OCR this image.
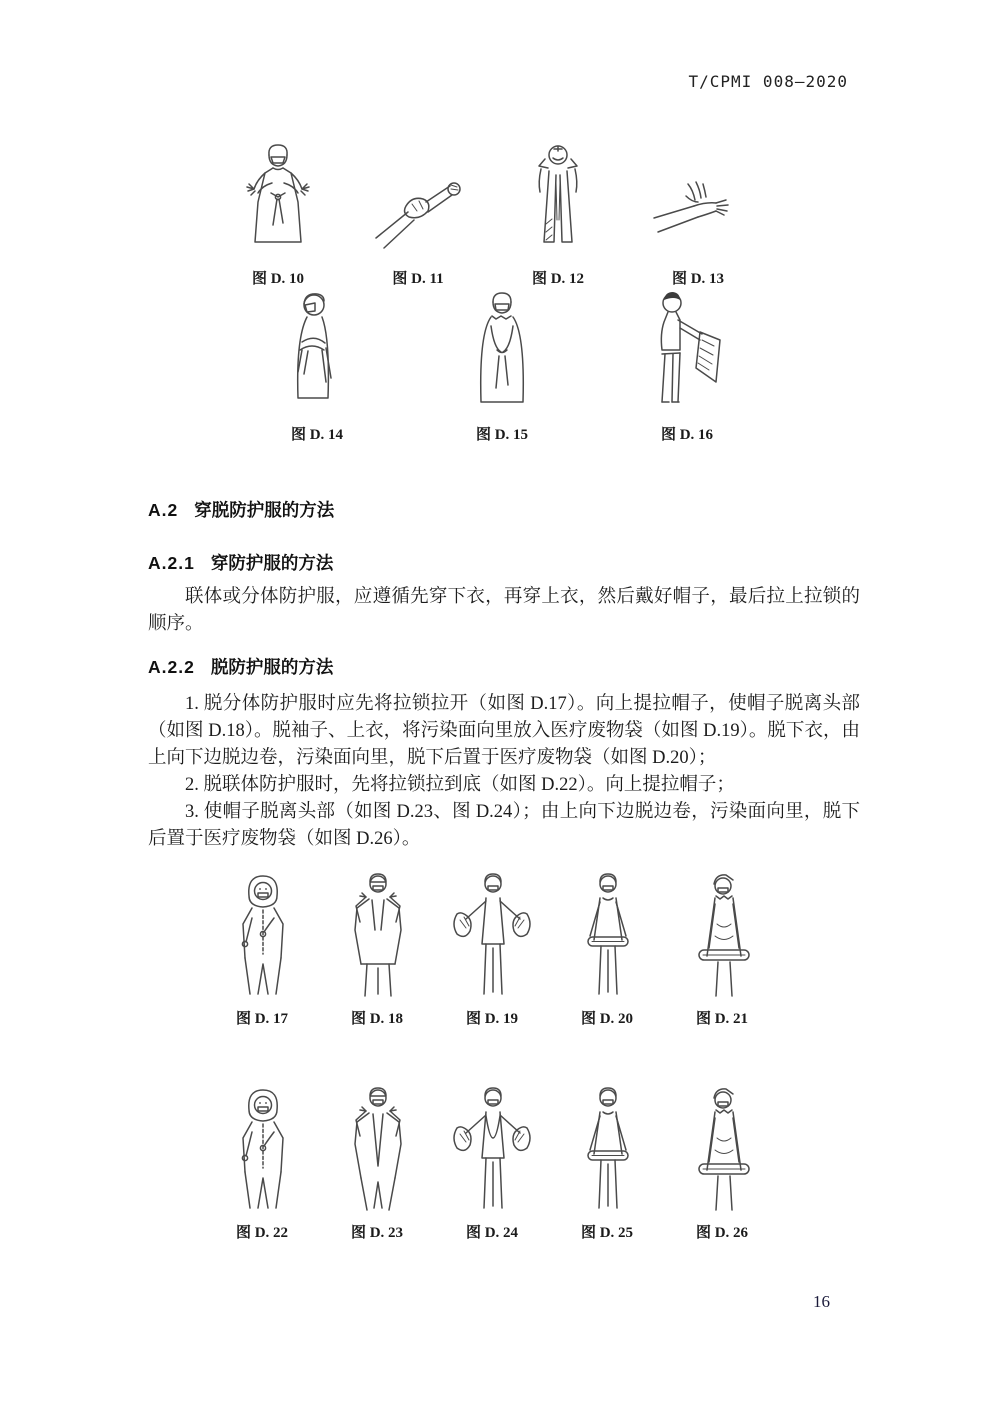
T/CPMI 008—2020
图 D. 10	图 D. 11	图 D. 12	图 D. 13
图 D. 14	图 D. 15	图 D. 16
A.2 穿脱防护服的方法
A.2.1 穿防护服的方法

联体或分体防护服，应遵循先穿下衣，再穿上衣，然后戴好帽子，最后拉上拉锁的顺序。

A.2.2 脱防护服的方法

1. 脱分体防护服时应先将拉锁拉开（如图 D.17）。向上提拉帽子，使帽子脱离头部（如图 D.18）。脱袖子、上衣，将污染面向里放入医疗废物袋（如图 D.19）。脱下衣，由上向下边脱边卷，污染面向里，脱下后置于医疗废物袋（如图 D.20）；

2. 脱联体防护服时，先将拉锁拉到底（如图 D.22）。向上提拉帽子；

3. 使帽子脱离头部（如图 D.23、图 D.24）；由上向下边脱边卷，污染面向里，脱下后置于医疗废物袋（如图 D.26）。

图 D. 17	图 D. 18	图 D. 19	图 D. 20	图 D. 21
图 D. 22	图 D. 23	图 D. 24	图 D. 25	图 D. 26
16
